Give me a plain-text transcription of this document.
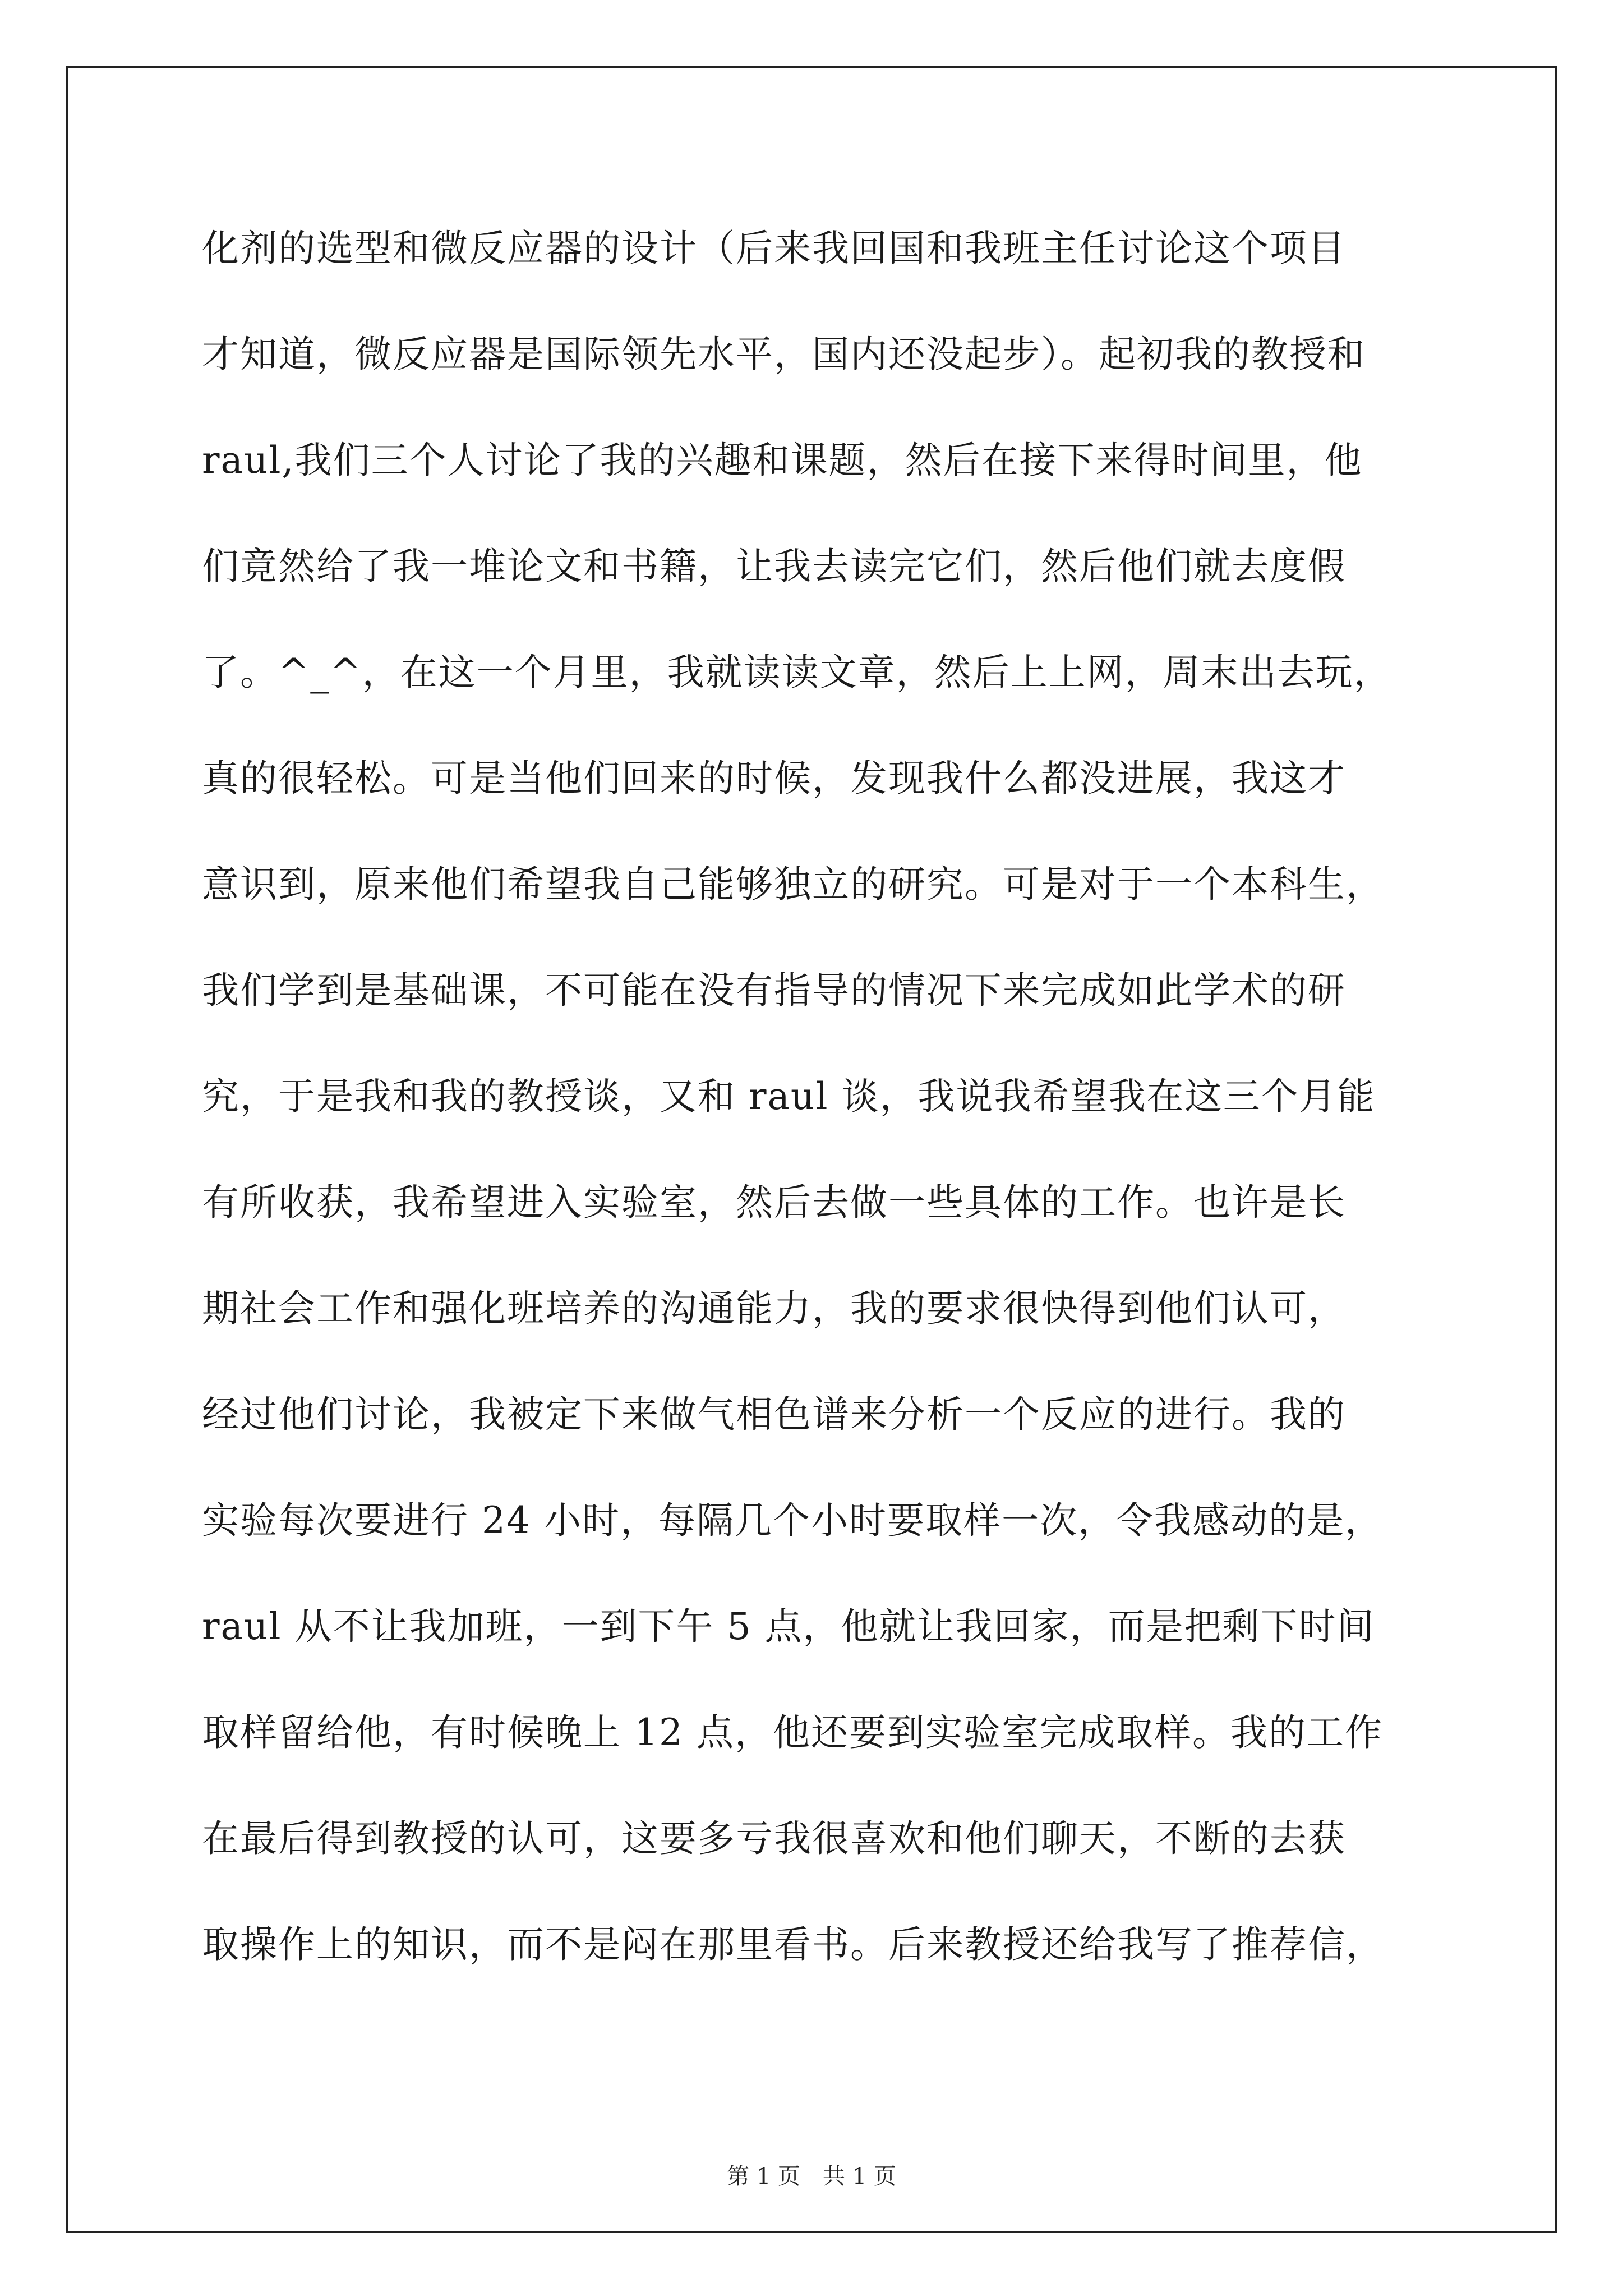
化剂的选型和微反应器的设计（后来我回国和我班主任讨论这个项目
才知道，微反应器是国际领先水平，国内还没起步）。起初我的教授和
raul,我们三个人讨论了我的兴趣和课题，然后在接下来得时间里，他
们竟然给了我一堆论文和书籍，让我去读完它们，然后他们就去度假
了。^_^，在这一个月里，我就读读文章，然后上上网，周末出去玩，
真的很轻松。可是当他们回来的时候，发现我什么都没进展，我这才
意识到，原来他们希望我自己能够独立的研究。可是对于一个本科生，
我们学到是基础课，不可能在没有指导的情况下来完成如此学术的研
究，于是我和我的教授谈，又和 raul 谈，我说我希望我在这三个月能
有所收获，我希望进入实验室，然后去做一些具体的工作。也许是长
期社会工作和强化班培养的沟通能力，我的要求很快得到他们认可，
经过他们讨论，我被定下来做气相色谱来分析一个反应的进行。我的
实验每次要进行 24 小时，每隔几个小时要取样一次，令我感动的是，
raul 从不让我加班，一到下午 5 点，他就让我回家，而是把剩下时间
取样留给他，有时候晚上 12 点，他还要到实验室完成取样。我的工作
在最后得到教授的认可，这要多亏我很喜欢和他们聊天，不断的去获
取操作上的知识，而不是闷在那里看书。后来教授还给我写了推荐信，
第 1 页　共 1 页
